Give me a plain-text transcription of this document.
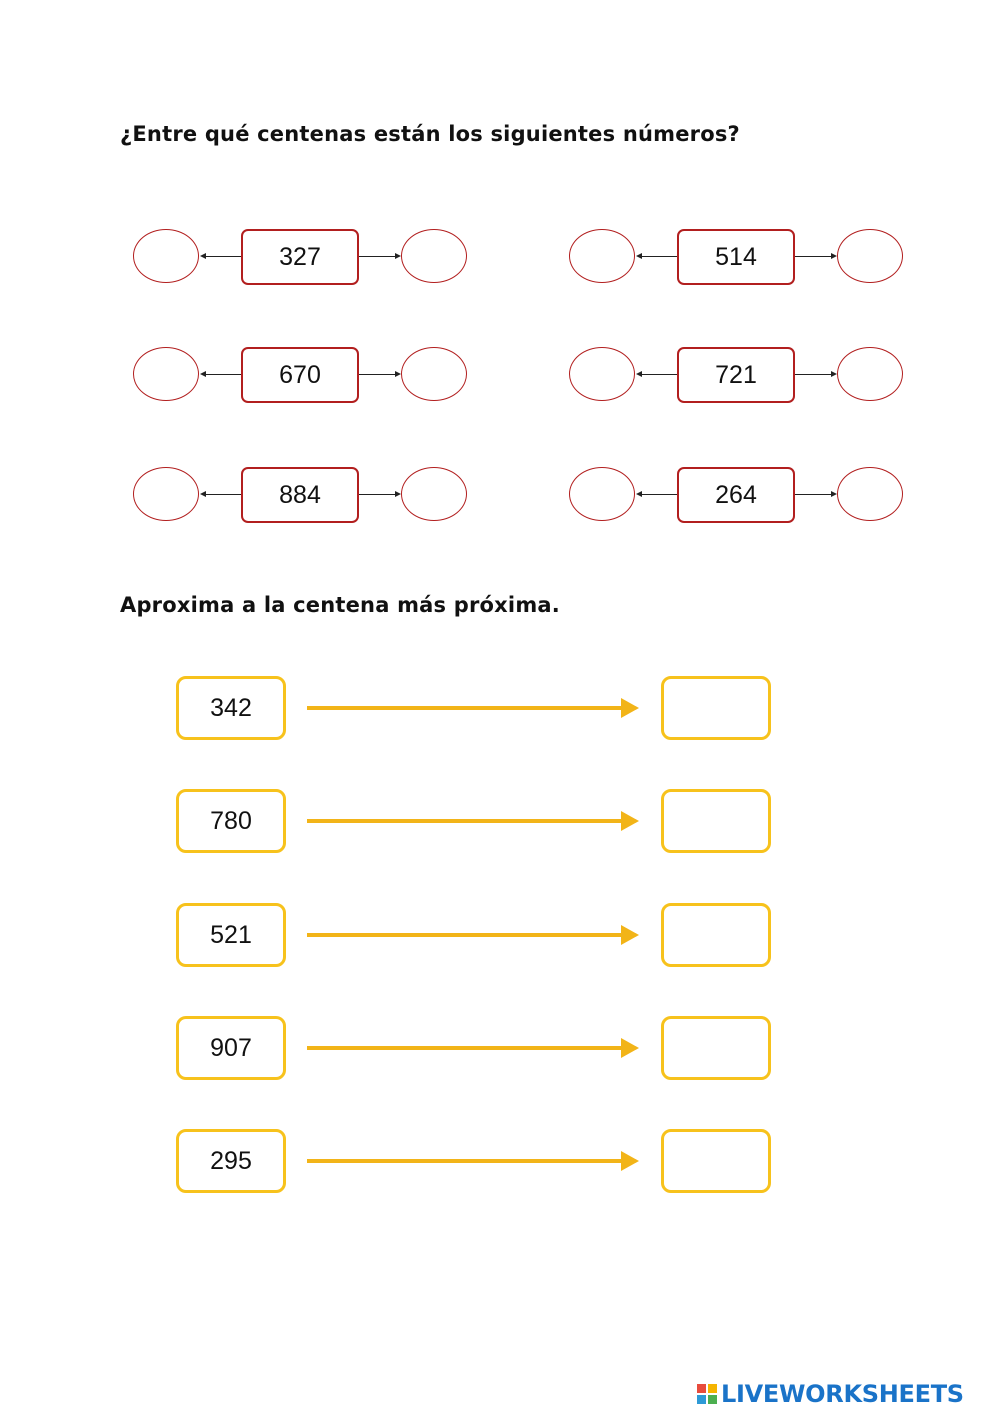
¿Entre qué centenas están los siguientes números?
327	514
670	721
884	264
Aproxima a la centena más próxima.
342
780
521
907
295
LIVEWORKSHEETS
